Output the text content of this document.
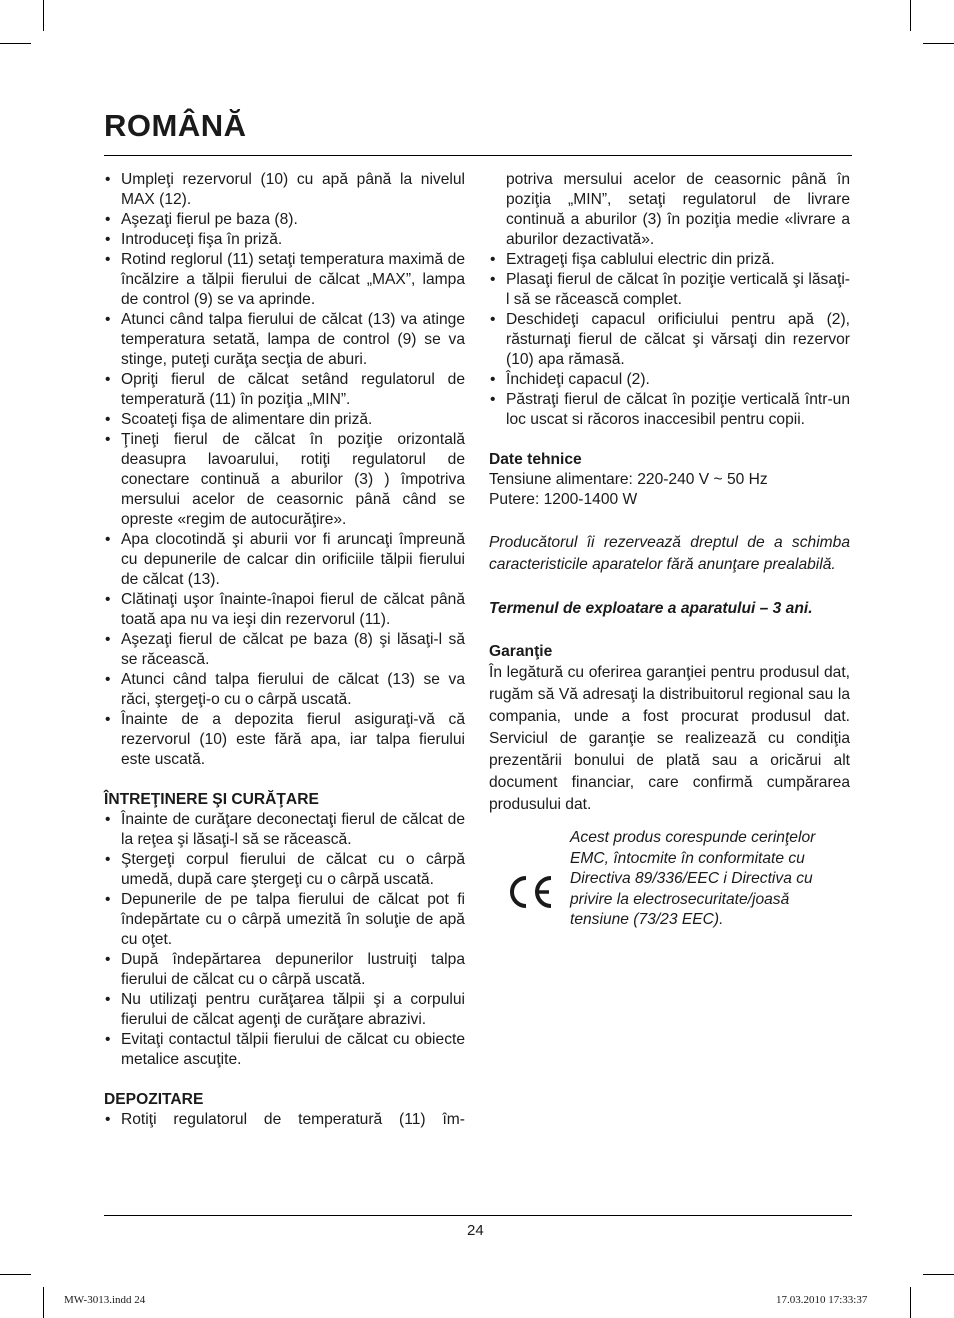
ROMÂNĂ
• Umpleţi rezervorul (10) cu apă până la nivelul MAX (12).
• Aşezaţi fierul pe baza (8).
• Introduceţi fişa în priză.
• Rotind reglorul (11) setaţi temperatura maximă de încălzire a tălpii fierului de călcat „MAX”, lampa de control (9) se va aprinde.
• Atunci când talpa fierului de călcat (13) va atinge temperatura setată, lampa de control (9) se va stinge, puteţi curăţa secţia de aburi.
• Opriţi fierul de călcat setând regulatorul de temperatură (11) în poziţia „MIN”.
• Scoateţi fişa de alimentare din priză.
• Ţineţi fierul de călcat în poziţie orizontală deasupra lavoarului, rotiţi regulatorul de conectare continuă a aburilor (3) ) împotriva mersului acelor de ceasornic până când se opreste «regim de autocurăţire».
• Apa clocotindă şi aburii vor fi aruncaţi împreună cu depunerile de calcar din orificiile tălpii fierului de călcat (13).
• Clătinaţi uşor înainte-înapoi fierul de călcat până toată apa nu va ieşi din rezervorul (11).
• Aşezaţi fierul de călcat pe baza (8) şi lăsaţi-l să se răcească.
• Atunci când talpa fierului de călcat (13) se va răci, ştergeţi-o cu o cârpă uscată.
• Înainte de a depozita fierul asiguraţi-vă că rezervorul (10) este fără apa, iar talpa fierului este uscată.

ÎNTREŢINERE ŞI CURĂŢARE

• Înainte de curăţare deconectaţi fierul de călcat de la reţea şi lăsaţi-l să se răcească.
• Ştergeţi corpul fierului de călcat cu o cârpă umedă, după care ştergeţi cu o cârpă uscată.
• Depunerile de pe talpa fierului de călcat pot fi îndepărtate cu o cârpă umezită în soluţie de apă cu oţet.
• După îndepărtarea depunerilor lustruiţi talpa fierului de călcat cu o cârpă uscată.
• Nu utilizaţi pentru curăţarea tălpii şi a corpului fierului de călcat agenţi de curăţare abrazivi.
• Evitaţi contactul tălpii fierului de călcat cu obiecte metalice ascuţite.

DEPOZITARE

• Rotiţi regulatorul de temperatură (11) îm-
potriva mersului acelor de ceasornic până în poziţia „MIN”, setaţi regulatorul de livrare continuă a aburilor (3) în poziţia medie «livrare a aburilor dezactivată».
• Extrageţi fişa cablului electric din priză.
• Plasaţi fierul de călcat în poziţie verticală şi lăsaţi-l să se răcească complet.
• Deschideţi capacul orificiului pentru apă (2), răsturnaţi fierul de călcat şi vărsaţi din rezervor (10) apa rămasă.
• Închideţi capacul (2).
• Păstraţi fierul de călcat în poziţie verticală într-un loc uscat si răcoros inaccesibil pentru copii.

Date tehnice

Tensiune alimentare: 220-240 V ~ 50 Hz

Putere: 1200-1400 W

Producătorul îi rezervează dreptul de a schimba caracteristicile aparatelor fără anunţare prealabilă.

Termenul de exploatare a aparatului – 3 ani.

Garanţie

În legătură cu oferirea garanţiei pentru produsul dat, rugăm să Vă adresaţi la distribuitorul regional sau la compania, unde a fost procurat produsul dat. Serviciul de garanţie se realizează cu condiţia prezentării bonului de plată sau a oricărui alt document financiar, care confirmă cumpărarea produsului dat.

Acest produs corespunde cerinţelor EMC, întocmite în conformitate cu Directiva 89/336/EEC i Directiva cu privire la electrosecuritate/joasă tensiune (73/23 EEC).

24
MW-3013.indd 24	17.03.2010 17:33:37
